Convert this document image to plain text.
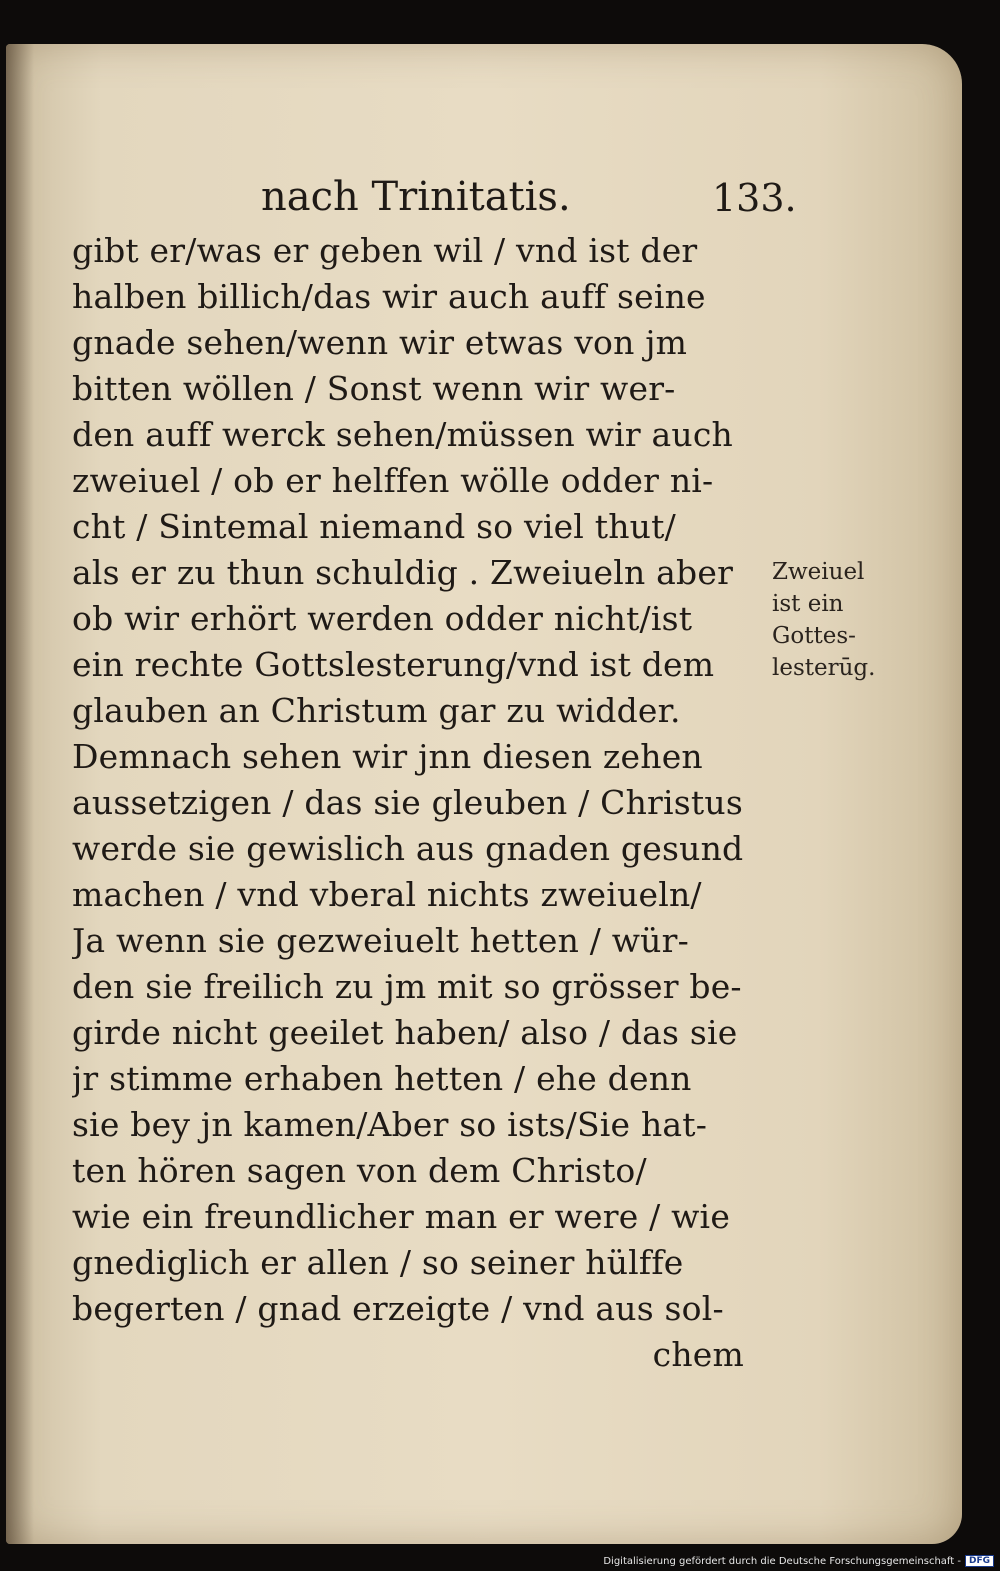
nach Trinitatis.	133.
gibt er/was er geben wil / vnd ist der
halben billich/das wir auch auff seine
gnade sehen/wenn wir etwas von jm
bitten wöllen / Sonst wenn wir wer-
den auff werck sehen/müssen wir auch
zweiuel / ob er helffen wölle odder ni-
cht / Sintemal niemand so viel thut/
als er zu thun schuldig . Zweiueln aber
ob wir erhört werden odder nicht/ist
ein rechte Gottslesterung/vnd ist dem
glauben an Christum gar zu widder.
Demnach sehen wir jnn diesen zehen
aussetzigen / das sie gleuben / Christus
werde sie gewislich aus gnaden gesund
machen / vnd vberal nichts zweiueln/
Ja wenn sie gezweiuelt hetten / wür-
den sie freilich zu jm mit so grösser be-
girde nicht geeilet haben/ also / das sie
jr stimme erhaben hetten / ehe denn
sie bey jn kamen/Aber so ists/Sie hat-
ten hören sagen von dem Christo/
wie ein freundlicher man er were / wie
gnediglich er allen / so seiner hülffe
begerten / gnad erzeigte / vnd aus sol-
chem
Zweiuel
ist ein
Gottes-
lesterūg.
Digitalisierung gefördert durch die Deutsche Forschungsgemeinschaft - DFG
